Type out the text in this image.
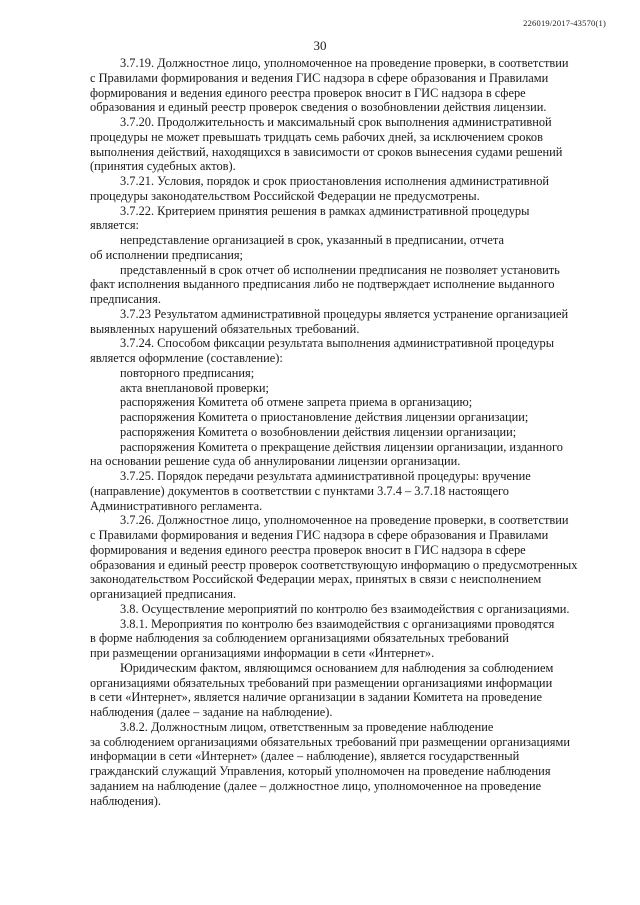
226019/2017-43570(1)
30

3.7.19. Должностное лицо, уполномоченное на проведение проверки, в соответствии
с Правилами формирования и ведения ГИС надзора в сфере образования и Правилами
формирования и ведения единого реестра проверок вносит в ГИС надзора в сфере
образования и единый реестр проверок сведения о возобновлении действия лицензии.

3.7.20. Продолжительность и максимальный срок выполнения административной
процедуры не может превышать тридцать семь рабочих дней, за исключением сроков
выполнения действий, находящихся в зависимости от сроков вынесения судами решений
(принятия судебных актов).

3.7.21. Условия, порядок и срок приостановления исполнения административной
процедуры законодательством Российской Федерации не предусмотрены.

3.7.22. Критерием принятия решения в рамках административной процедуры
является:

непредставление организацией в срок, указанный в предписании, отчета
об исполнении предписания;

представленный в срок отчет об исполнении предписания не позволяет установить
факт исполнения выданного предписания либо не подтверждает исполнение выданного
предписания.

3.7.23 Результатом административной процедуры является устранение организацией
выявленных нарушений обязательных требований.

3.7.24. Способом фиксации результата выполнения административной процедуры
является оформление (составление):

повторного предписания;

акта внеплановой проверки;

распоряжения Комитета об отмене запрета приема в организацию;

распоряжения Комитета о приостановление действия лицензии организации;

распоряжения Комитета о возобновлении действия лицензии организации;

распоряжения Комитета о прекращение действия лицензии организации, изданного
на основании решение суда об аннулировании лицензии организации.

3.7.25. Порядок передачи результата административной процедуры: вручение
(направление) документов в соответствии с пунктами 3.7.4 – 3.7.18 настоящего
Административного регламента.

3.7.26. Должностное лицо, уполномоченное на проведение проверки, в соответствии
с Правилами формирования и ведения ГИС надзора в сфере образования и Правилами
формирования и ведения единого реестра проверок вносит в ГИС надзора в сфере
образования и единый реестр проверок соответствующую информацию о предусмотренных
законодательством Российской Федерации мерах, принятых в связи с неисполнением
организацией предписания.

3.8. Осуществление мероприятий по контролю без взаимодействия с организациями.

3.8.1. Мероприятия по контролю без взаимодействия с организациями проводятся
в форме наблюдения за соблюдением организациями обязательных требований
при размещении организациями информации в сети «Интернет».

Юридическим фактом, являющимся основанием для наблюдения за соблюдением
организациями обязательных требований при размещении организациями информации
в сети «Интернет», является наличие организации в задании Комитета на проведение
наблюдения (далее – задание на наблюдение).

3.8.2. Должностным лицом, ответственным за проведение наблюдение
за соблюдением организациями обязательных требований при размещении организациями
информации в сети «Интернет» (далее – наблюдение), является государственный
гражданский служащий Управления, который уполномочен на проведение наблюдения
заданием на наблюдение (далее – должностное лицо, уполномоченное на проведение
наблюдения).
